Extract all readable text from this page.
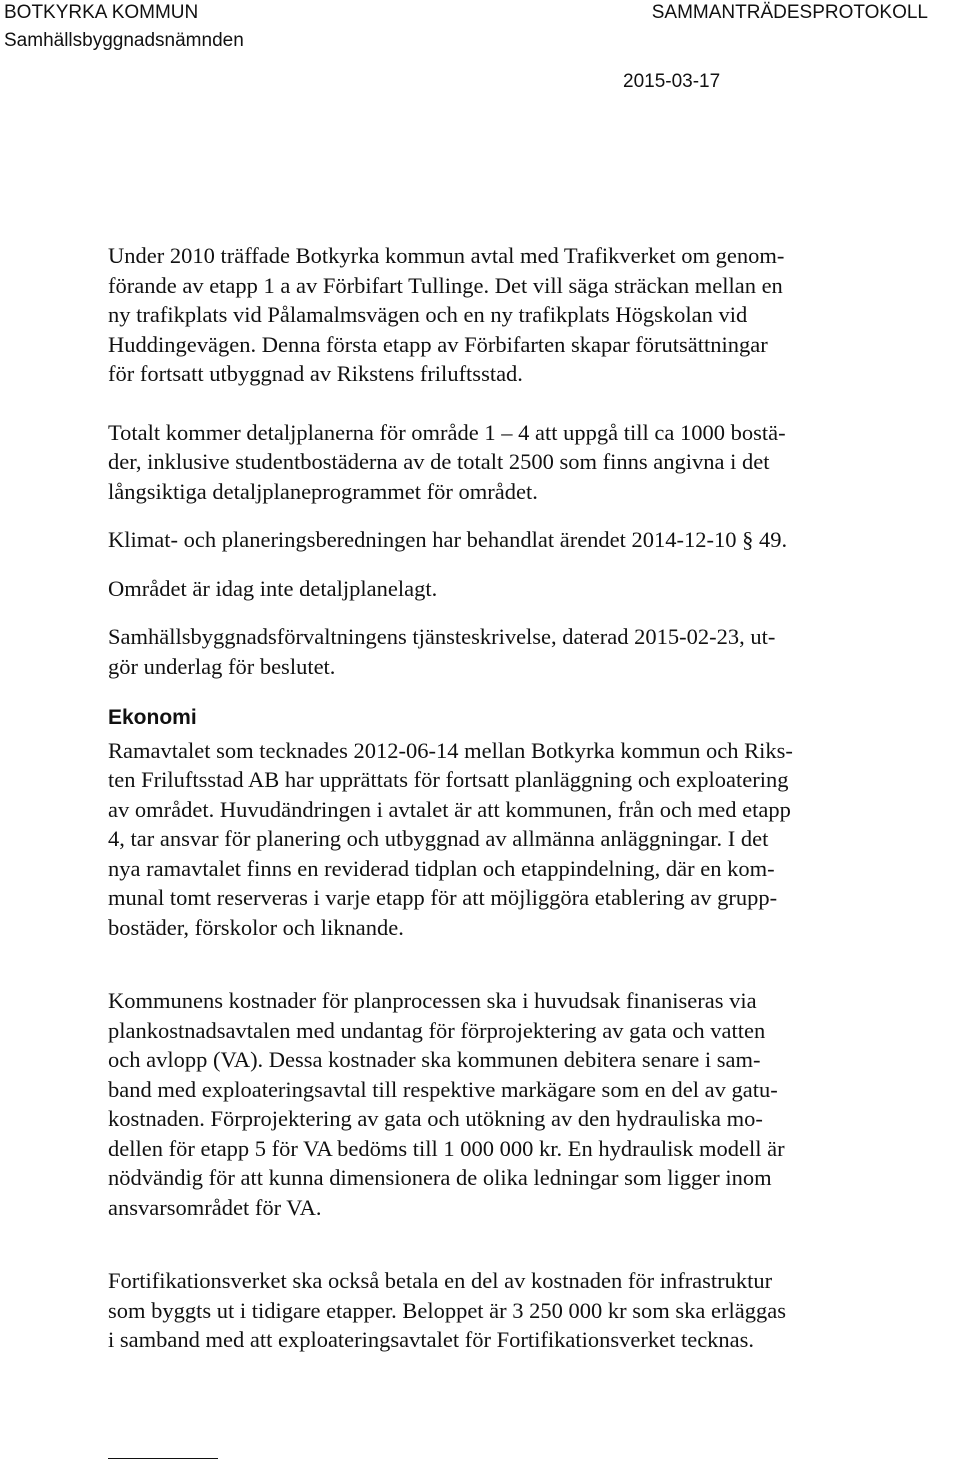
BOTKYRKA KOMMUN
Samhällsbyggnadsnämnden
SAMMANTRÄDESPROTOKOLL
2015-03-17

Under 2010 träffade Botkyrka kommun avtal med Trafikverket om genom-
förande av etapp 1 a av Förbifart Tullinge. Det vill säga sträckan mellan en
ny trafikplats vid Pålamalmsvägen och en ny trafikplats Högskolan vid
Huddingevägen. Denna första etapp av Förbifarten skapar förutsättningar
för fortsatt utbyggnad av Rikstens friluftsstad.

Totalt kommer detaljplanerna för område 1 – 4 att uppgå till ca 1000 bostä-
der, inklusive studentbostäderna av de totalt 2500 som finns angivna i det
långsiktiga detaljplaneprogrammet för området.

Klimat- och planeringsberedningen har behandlat ärendet 2014-12-10 § 49.

Området är idag inte detaljplanelagt.

Samhällsbyggnadsförvaltningens tjänsteskrivelse, daterad 2015-02-23, ut-
gör underlag för beslutet.

Ekonomi

Ramavtalet som tecknades 2012-06-14 mellan Botkyrka kommun och Riks-
ten Friluftsstad AB har upprättats för fortsatt planläggning och exploatering
av området. Huvudändringen i avtalet är att kommunen, från och med etapp
4, tar ansvar för planering och utbyggnad av allmänna anläggningar. I det
nya ramavtalet finns en reviderad tidplan och etappindelning, där en kom-
munal tomt reserveras i varje etapp för att möjliggöra etablering av grupp-
bostäder, förskolor och liknande.

Kommunens kostnader för planprocessen ska i huvudsak finaniseras via
plankostnadsavtalen med undantag för förprojektering av gata och vatten
och avlopp (VA). Dessa kostnader ska kommunen debitera senare i sam-
band med exploateringsavtal till respektive markägare som en del av gatu-
kostnaden. Förprojektering av gata och utökning av den hydrauliska mo-
dellen för etapp 5 för VA bedöms till 1 000 000 kr. En hydraulisk modell är
nödvändig för att kunna dimensionera de olika ledningar som ligger inom
ansvarsområdet för VA.

Fortifikationsverket ska också betala en del av kostnaden för infrastruktur
som byggts ut i tidigare etapper. Beloppet är 3 250 000 kr som ska erläggas
i samband med att exploateringsavtalet för Fortifikationsverket tecknas.
